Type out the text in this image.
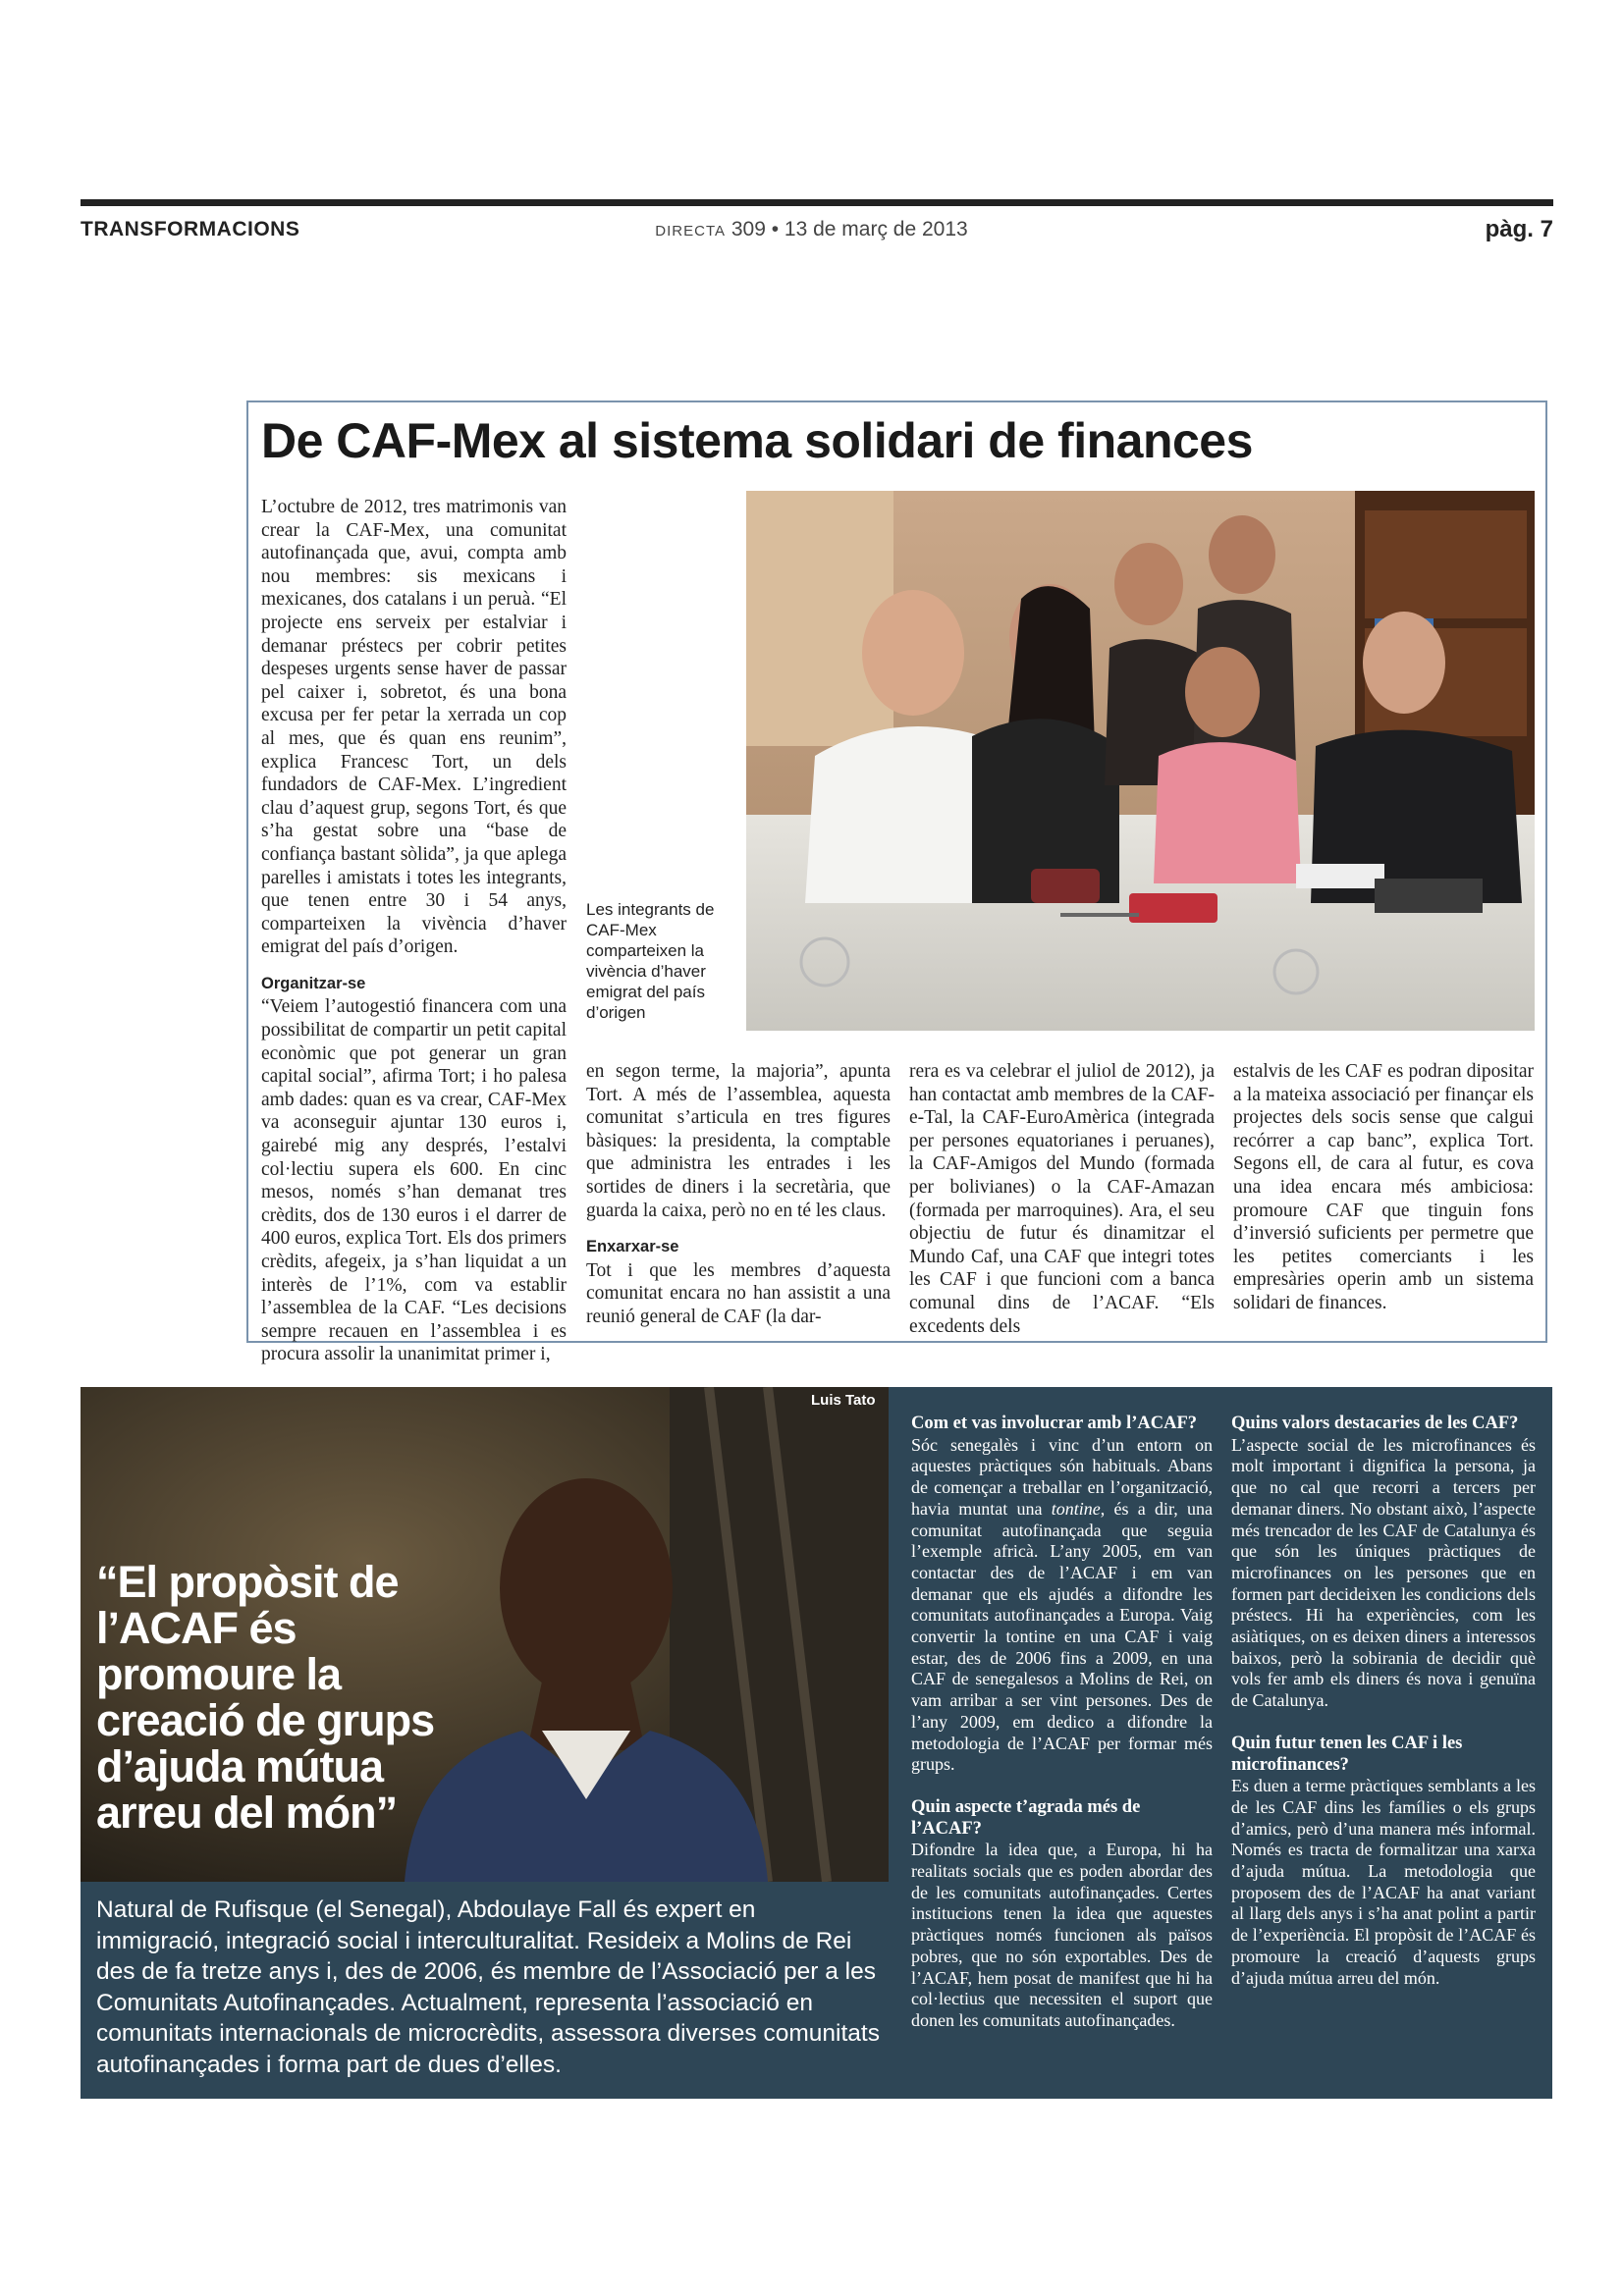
TRANSFORMACIONS	DIRECTA 309 • 13 de març de 2013	pàg. 7
De CAF-Mex al sistema solidari de finances

L’octubre de 2012, tres matrimonis van crear la CAF-Mex, una comunitat autofinançada que, avui, compta amb nou membres: sis mexicans i mexicanes, dos catalans i un peruà. “El projecte ens serveix per estalviar i demanar préstecs per cobrir petites despeses urgents sense haver de passar pel caixer i, sobretot, és una bona excusa per fer petar la xerrada un cop al mes, que és quan ens reunim”, explica Francesc Tort, un dels fundadors de CAF-Mex. L’ingredient clau d’aquest grup, segons Tort, és que s’ha gestat sobre una “base de confiança bastant sòlida”, ja que aplega parelles i amistats i totes les integrants, que tenen entre 30 i 54 anys, comparteixen la vivència d’haver emigrat del país d’origen.

Organitzar-se

“Veiem l’autogestió financera com una possibilitat de compartir un petit capital econòmic que pot generar un gran capital social”, afirma Tort; i ho palesa amb dades: quan es va crear, CAF-Mex va aconseguir ajuntar 130 euros i, gairebé mig any després, l’estalvi col·lectiu supera els 600. En cinc mesos, només s’han demanat tres crèdits, dos de 130 euros i el darrer de 400 euros, explica Tort. Els dos primers crèdits, afegeix, ja s’han liquidat a un interès de l’1%, com va establir l’assemblea de la CAF. “Les decisions sempre recauen en l’assemblea i es procura assolir la unanimitat primer i,

Les integrants de CAF-Mex comparteixen la vivència d’haver emigrat del país d’origen

en segon terme, la majoria”, apunta Tort. A més de l’assemblea, aquesta comunitat s’articula en tres figures bàsiques: la presidenta, la comptable que administra les entrades i les sortides de diners i la secretària, que guarda la caixa, però no en té les claus.

Enxarxar-se

Tot i que les membres d’aquesta comunitat encara no han assistit a una reunió general de CAF (la dar-

rera es va celebrar el juliol de 2012), ja han contactat amb membres de la CAF-e-Tal, la CAF-EuroAmèrica (integrada per persones equatorianes i peruanes), la CAF-Amigos del Mundo (formada per bolivianes) o la CAF-Amazan (formada per marroquines). Ara, el seu objectiu de futur és dinamitzar el Mundo Caf, una CAF que integri totes les CAF i que funcioni com a banca comunal dins de l’ACAF. “Els excedents dels

estalvis de les CAF es podran dipositar a la mateixa associació per finançar els projectes dels socis sense que calgui recórrer a cap banc”, explica Tort. Segons ell, de cara al futur, es cova una idea encara més ambiciosa: promoure CAF que tinguin fons d’inversió suficients per permetre que les petites comerciants i les empresàries operin amb un sistema solidari de finances.

Luis Tato
“El propòsit de l’ACAF és promoure la creació de grups d’ajuda mútua arreu del món”
Natural de Rufisque (el Senegal), Abdoulaye Fall és expert en immigració, integració social i interculturalitat. Resideix a Molins de Rei des de fa tretze anys i, des de 2006, és membre de l’Associació per a les Comunitats Autofinançades. Actualment, representa l’associació en comunitats internacionals de microcrèdits, assessora diverses comunitats autofinançades i forma part de dues d’elles.

Com et vas involucrar amb l’ACAF?

Sóc senegalès i vinc d’un entorn on aquestes pràctiques són habituals. Abans de començar a treballar en l’organització, havia muntat una tontine, és a dir, una comunitat autofinançada que seguia l’exemple africà. L’any 2005, em van contactar des de l’ACAF i em van demanar que els ajudés a difondre les comunitats autofinançades a Europa. Vaig convertir la tontine en una CAF i vaig estar, des de 2006 fins a 2009, en una CAF de senegalesos a Molins de Rei, on vam arribar a ser vint persones. Des de l’any 2009, em dedico a difondre la metodologia de l’ACAF per formar més grups.

Quin aspecte t’agrada més de l’ACAF?

Difondre la idea que, a Europa, hi ha realitats socials que es poden abordar des de les comunitats autofinançades. Certes institucions tenen la idea que aquestes pràctiques només funcionen als països pobres, que no són exportables. Des de l’ACAF, hem posat de manifest que hi ha col·lectius que necessiten el suport que donen les comunitats autofinançades.

Quins valors destacaries de les CAF?

L’aspecte social de les microfinances és molt important i dignifica la persona, ja que no cal que recorri a tercers per demanar diners. No obstant això, l’aspecte més trencador de les CAF de Catalunya és que són les úniques pràctiques de microfinances on les persones que en formen part decideixen les condicions dels préstecs. Hi ha experiències, com les asiàtiques, on es deixen diners a interessos baixos, però la sobirania de decidir què vols fer amb els diners és nova i genuïna de Catalunya.

Quin futur tenen les CAF i les microfinances?

Es duen a terme pràctiques semblants a les de les CAF dins les famílies o els grups d’amics, però d’una manera més informal. Només es tracta de formalitzar una xarxa d’ajuda mútua. La metodologia que proposem des de l’ACAF ha anat variant al llarg dels anys i s’ha anat polint a partir de l’experiència. El propòsit de l’ACAF és promoure la creació d’aquests grups d’ajuda mútua arreu del món.
